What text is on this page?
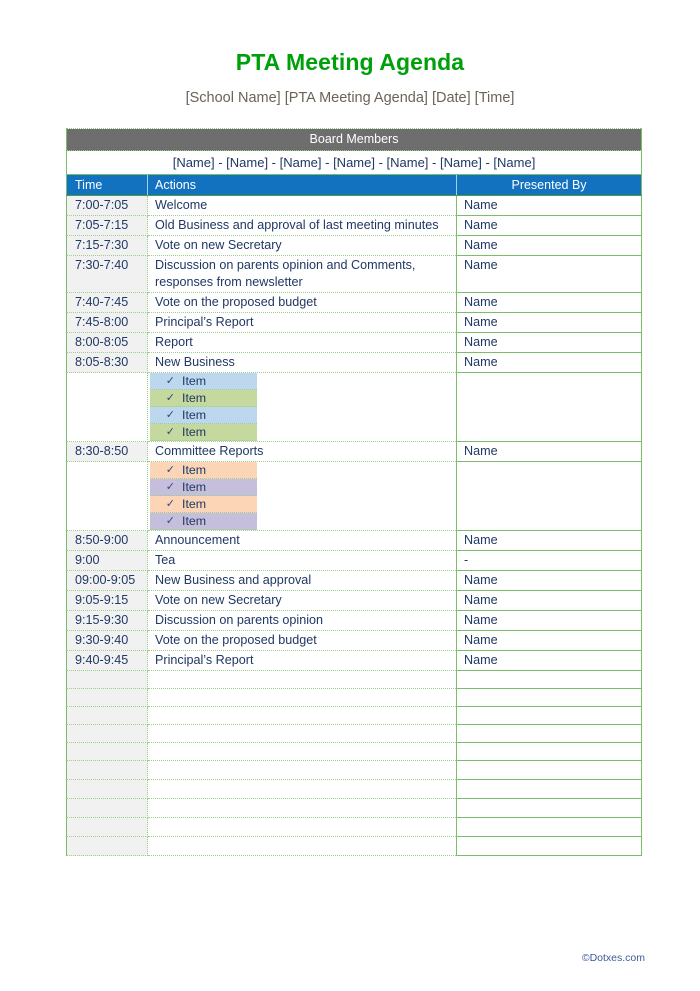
PTA Meeting Agenda
[School Name] [PTA Meeting Agenda] [Date] [Time]
Board Members		
[Name] - [Name] - [Name] - [Name] - [Name] - [Name] - [Name]		
Time	Actions	Presented By
7:00-7:05	Welcome	Name
7:05-7:15	Old Business and approval of last meeting minutes	Name
7:15-7:30	Vote on new Secretary	Name
7:30-7:40	Discussion on parents opinion and Comments, responses from newsletter	Name
7:40-7:45	Vote on the proposed budget	Name
7:45-8:00	Principal’s Report	Name
8:00-8:05	Report	Name
8:05-8:30	New Business	Name

✓ Item
✓ Item
✓ Item
✓ Item

8:30-8:50	Committee Reports	Name

✓ Item
✓ Item
✓ Item
✓ Item

8:50-9:00	Announcement	Name
9:00	Tea	-
09:00-9:05	New Business and approval	Name
9:05-9:15	Vote on new Secretary	Name
9:15-9:30	Discussion on parents opinion	Name
9:30-9:40	Vote on the proposed budget	Name
9:40-9:45	Principal’s Report	Name

©Dotxes.com
